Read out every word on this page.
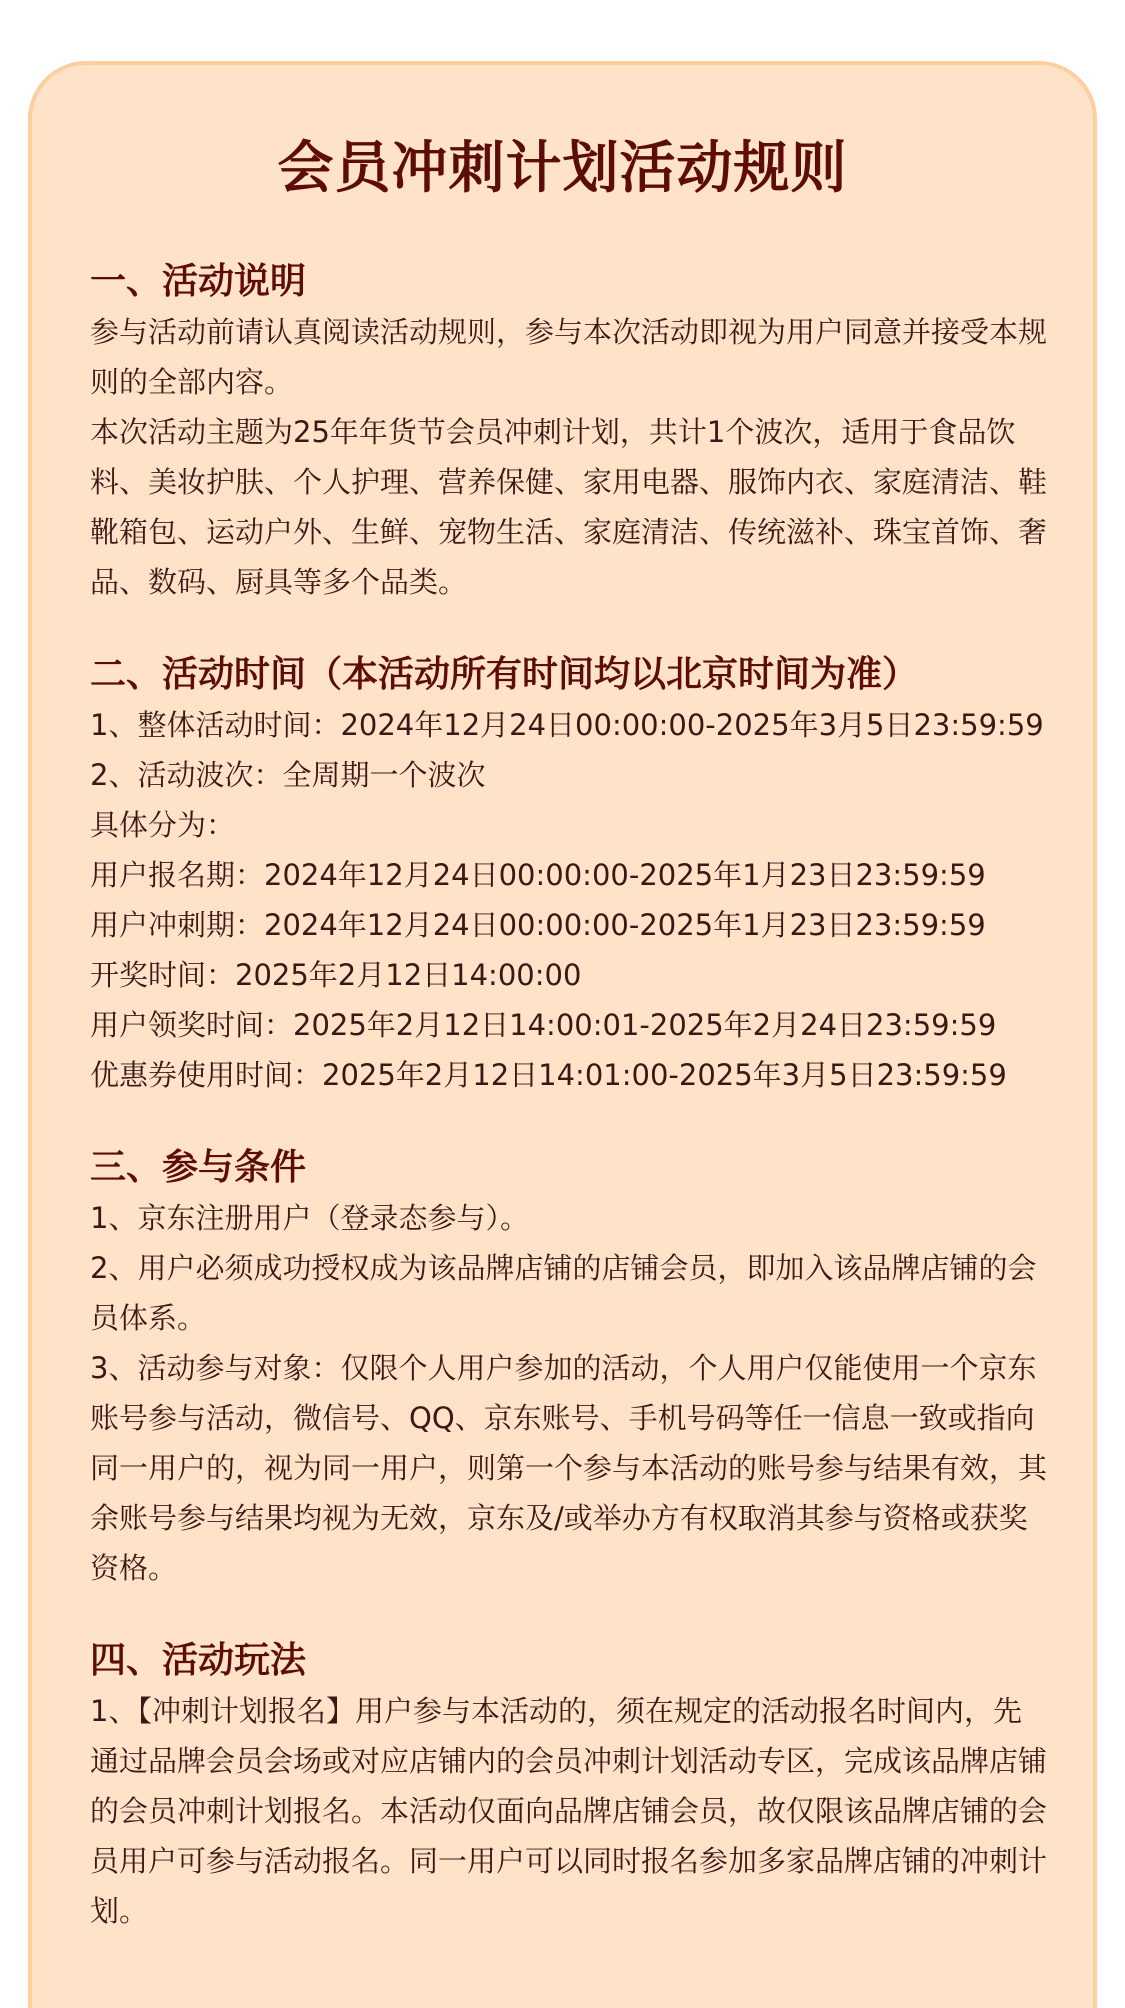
会员冲刺计划活动规则
一、活动说明

参与活动前请认真阅读活动规则，参与本次活动即视为用户同意并接受本规则的全部内容。

本次活动主题为25年年货节会员冲刺计划，共计1个波次，适用于食品饮料、美妆护肤、个人护理、营养保健、家用电器、服饰内衣、家庭清洁、鞋靴箱包、运动户外、生鲜、宠物生活、家庭清洁、传统滋补、珠宝首饰、奢品、数码、厨具等多个品类。

二、活动时间（本活动所有时间均以北京时间为准）

1、整体活动时间：2024年12月24日00:00:00-2025年3月5日23:59:59

2、活动波次：全周期一个波次

具体分为：

用户报名期：2024年12月24日00:00:00-2025年1月23日23:59:59

用户冲刺期：2024年12月24日00:00:00-2025年1月23日23:59:59

开奖时间：2025年2月12日14:00:00

用户领奖时间：2025年2月12日14:00:01-2025年2月24日23:59:59

优惠券使用时间：2025年2月12日14:01:00-2025年3月5日23:59:59

三、参与条件

1、京东注册用户（登录态参与）。

2、用户必须成功授权成为该品牌店铺的店铺会员，即加入该品牌店铺的会员体系。

3、活动参与对象：仅限个人用户参加的活动，个人用户仅能使用一个京东账号参与活动，微信号、QQ、京东账号、手机号码等任一信息一致或指向同一用户的，视为同一用户，则第一个参与本活动的账号参与结果有效，其余账号参与结果均视为无效，京东及/或举办方有权取消其参与资格或获奖资格。

四、活动玩法

1、【冲刺计划报名】用户参与本活动的，须在规定的活动报名时间内，先通过品牌会员会场或对应店铺内的会员冲刺计划活动专区，完成该品牌店铺的会员冲刺计划报名。本活动仅面向品牌店铺会员，故仅限该品牌店铺的会员用户可参与活动报名。同一用户可以同时报名参加多家品牌店铺的冲刺计划。
